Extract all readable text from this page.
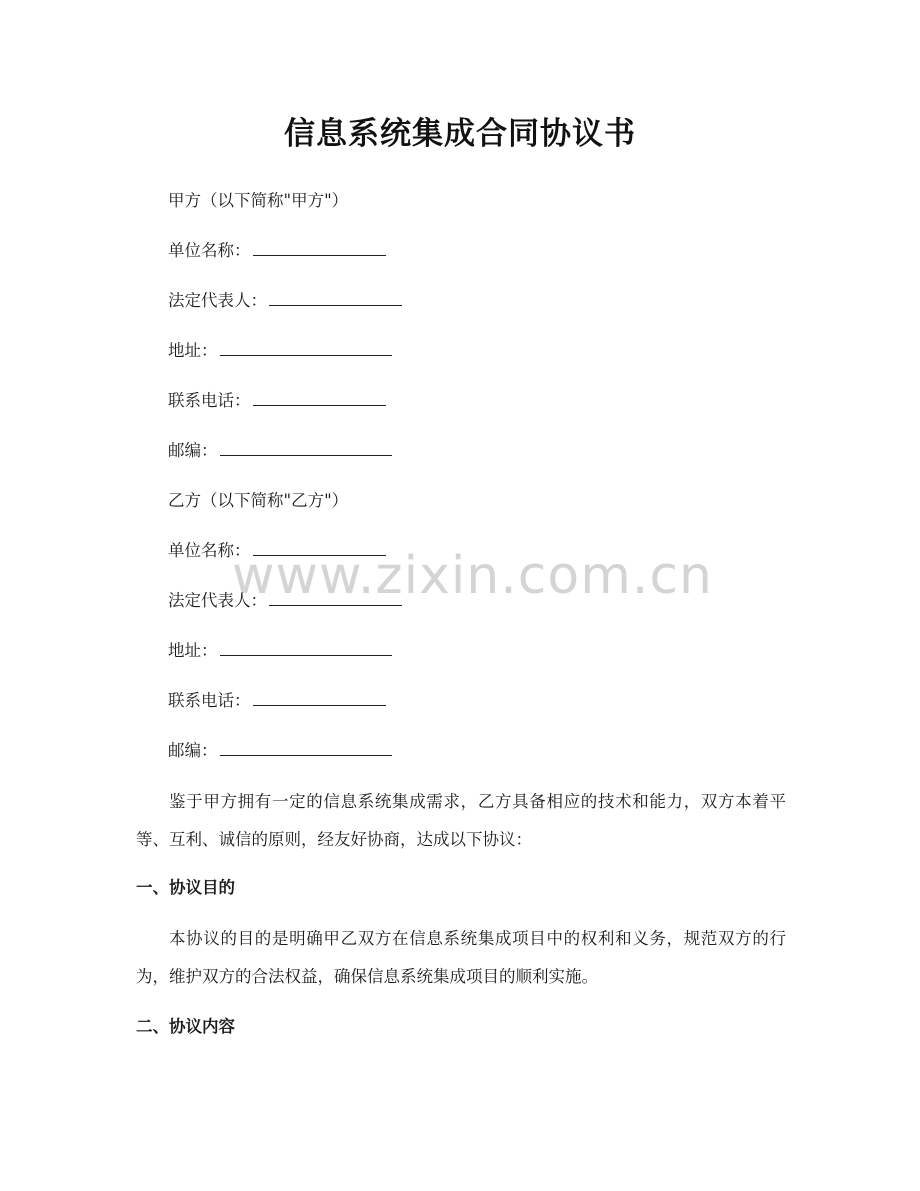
www.zixin.com.cn
信息系统集成合同协议书
甲方（以下简称"甲方"）
单位名称：
法定代表人：
地址：
联系电话：
邮编：
乙方（以下简称"乙方"）
单位名称：
法定代表人：
地址：
联系电话：
邮编：
鉴于甲方拥有一定的信息系统集成需求，乙方具备相应的技术和能力，双方本着平等、互利、诚信的原则，经友好协商，达成以下协议：
一、协议目的
本协议的目的是明确甲乙双方在信息系统集成项目中的权利和义务，规范双方的行为，维护双方的合法权益，确保信息系统集成项目的顺利实施。
二、协议内容
